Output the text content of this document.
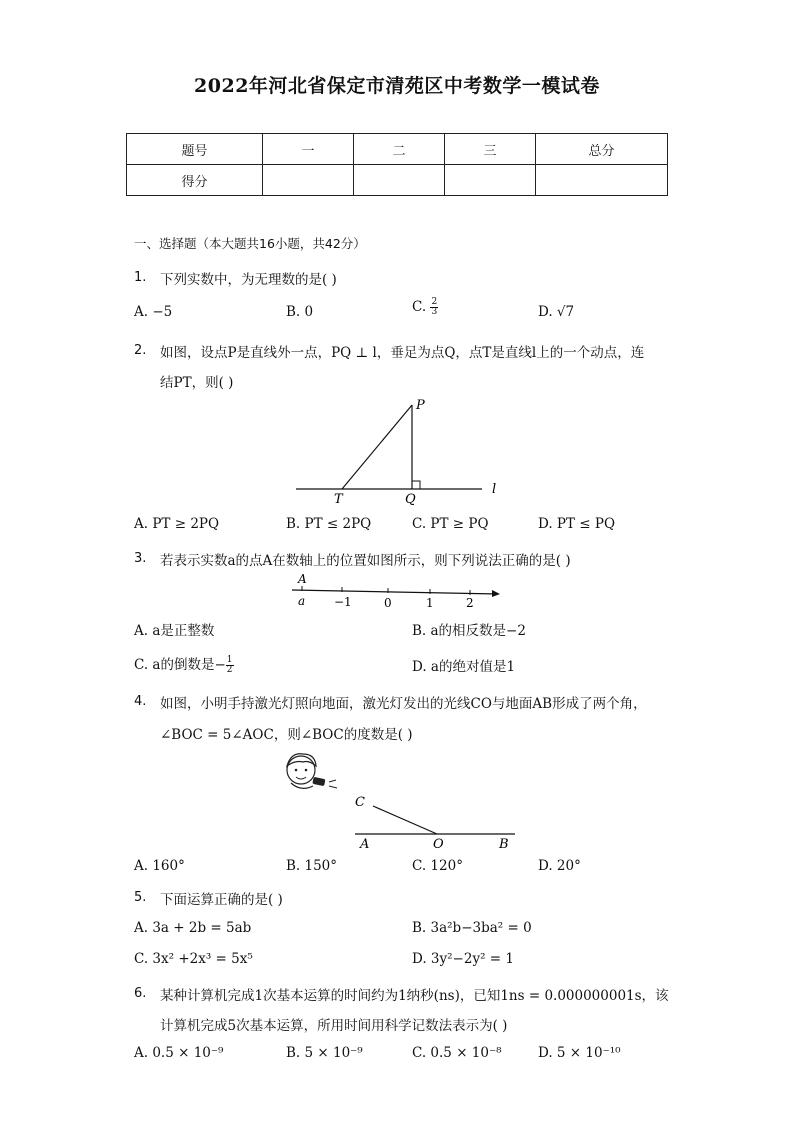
2022年河北省保定市清苑区中考数学一模试卷
题号	一	二	三	总分
得分				
一、选择题（本大题共16小题，共42分）
1. 下列实数中，为无理数的是( )
A. −5	B. 0	C. $\frac{2}{3}$	D. √7
2. 如图，设点P是直线外一点，PQ ⊥ l，垂足为点Q，点T是直线l上的一个动点，连
结PT，则( )
P
T	Q
l
A. PT ≥ 2PQ	B. PT ≤ 2PQ	C. PT ≥ PQ	D. PT ≤ PQ
3. 若表示实数a的点A在数轴上的位置如图所示，则下列说法正确的是( )
A
a −1	0	1	2
A. a是正整数	B. a的相反数是−2
C. a的倒数是− $\frac{1}{2}$	D. a的绝对值是1
4. 如图，小明手持激光灯照向地面，激光灯发出的光线CO与地面AB形成了两个角，
∠BOC = 5∠AOC，则∠BOC的度数是( )
C
A	O	B
A. 160°	B. 150°	C. 120°	D. 20°
5. 下面运算正确的是( )
A. 3a + 2b = 5ab	B. 3a²b−3ba² = 0
C. 3x² +2x³ = 5x⁵	D. 3y²−2y² = 1
6. 某种计算机完成1次基本运算的时间约为1纳秒(ns)，已知1ns = 0.000000001s，该
计算机完成5次基本运算，所用时间用科学记数法表示为( )
A. 0.5 × 10⁻⁹	B. 5 × 10⁻⁹	C. 0.5 × 10⁻⁸	D. 5 × 10⁻¹⁰
